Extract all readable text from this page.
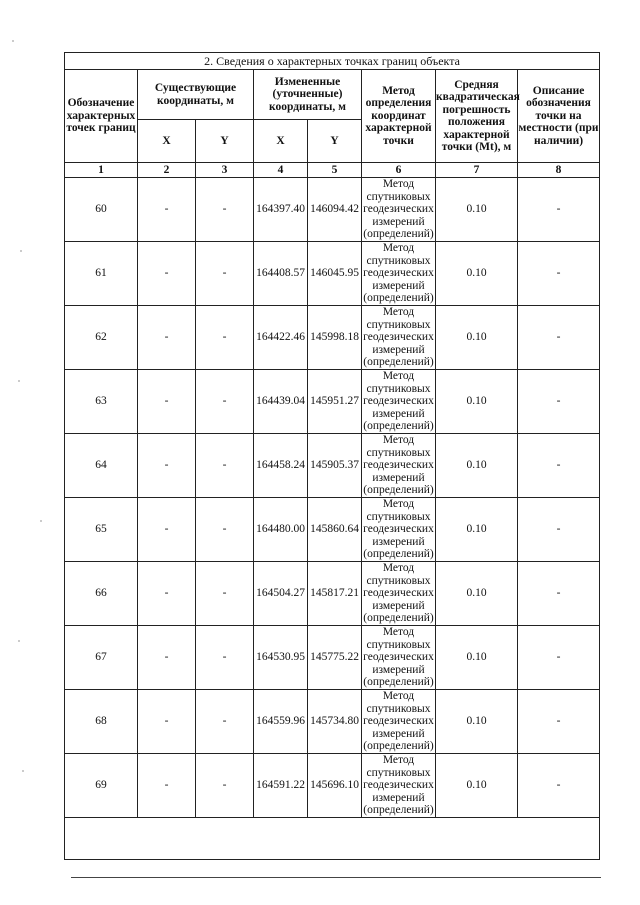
2. Сведения о характерных точках границ объекта							
Обозначение характерных точек границ	Существующие координаты, м		Измененные (уточненные) координаты, м		Метод определения координат характерной точки	Средняя квадратическая погрешность положения характерной точки (Mt), м	Описание обозначения точки на местности (при наличии)
	X	Y	X	Y			
1	2	3	4	5	6	7	8
60	-	-	164397.40	146094.42	Метод спутниковых геодезических измерений (определений)	0.10	-
61	-	-	164408.57	146045.95	Метод спутниковых геодезических измерений (определений)	0.10	-
62	-	-	164422.46	145998.18	Метод спутниковых геодезических измерений (определений)	0.10	-
63	-	-	164439.04	145951.27	Метод спутниковых геодезических измерений (определений)	0.10	-
64	-	-	164458.24	145905.37	Метод спутниковых геодезических измерений (определений)	0.10	-
65	-	-	164480.00	145860.64	Метод спутниковых геодезических измерений (определений)	0.10	-
66	-	-	164504.27	145817.21	Метод спутниковых геодезических измерений (определений)	0.10	-
67	-	-	164530.95	145775.22	Метод спутниковых геодезических измерений (определений)	0.10	-
68	-	-	164559.96	145734.80	Метод спутниковых геодезических измерений (определений)	0.10	-
69	-	-	164591.22	145696.10	Метод спутниковых геодезических измерений (определений)	0.10	-
